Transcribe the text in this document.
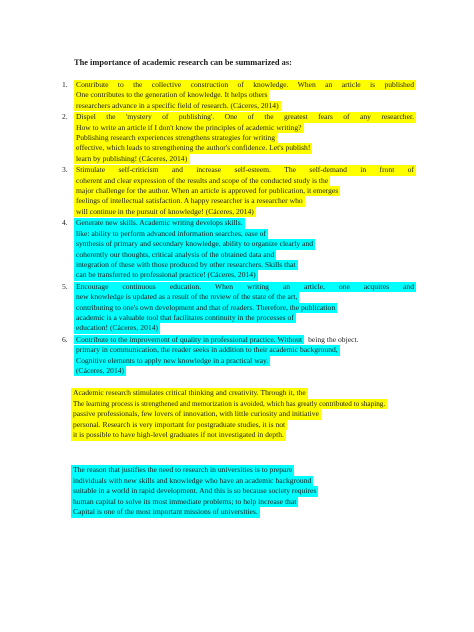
The importance of academic research can be summarized as:
1. Contribute to the collective construction of knowledge. When an article is published
One contributes to the generation of knowledge. It helps others
researchers advance in a specific field of research. (Cáceres, 2014)
2. Dispel the 'mystery of publishing'. One of the greatest fears of any researcher.
How to write an article if I don't know the principles of academic writing?
Publishing research experiences strengthens strategies for writing
effective, which leads to strengthening the author's confidence. Let's publish!
learn by publishing! (Cáceres, 2014)
3. Stimulate self-criticism and increase self-esteem. The self-demand in front of
coherent and clear expression of the results and scope of the conducted study is the
major challenge for the author. When an article is approved for publication, it emerges
feelings of intellectual satisfaction. A happy researcher is a researcher who
will continue in the pursuit of knowledge! (Cáceres, 2014)
4. Generate new skills. Academic writing develops skills.
like: ability to perform advanced information searches, ease of
synthesis of primary and secondary knowledge, ability to organize clearly and
coherently our thoughts, critical analysis of the obtained data and
integration of these with those produced by other researchers. Skills that
can be transferred to professional practice! (Cáceres, 2014)
5. Encourage continuous education. When writing an article, one acquires and
new knowledge is updated as a result of the review of the state of the art,
contributing to one's own development and that of readers. Therefore, the publication
academic is a valuable tool that facilitates continuity in the processes of
education! (Cáceres, 2014)
6. Contribute to the improvement of quality in professional practice. Without being the object.
primary in communication, the reader seeks in addition to their academic background,
Cognitive elements to apply new knowledge in a practical way.
(Cáceres, 2014)
Academic research stimulates critical thinking and creativity. Through it, the
The learning process is strengthened and memorization is avoided, which has greatly contributed to shaping.
passive professionals, few lovers of innovation, with little curiosity and initiative
personal. Research is very important for postgraduate studies, it is not
it is possible to have high-level graduates if not investigated in depth.
The reason that justifies the need to research in universities is to prepare
individuals with new skills and knowledge who have an academic background
suitable in a world in rapid development. And this is so because society requires
human capital to solve its most immediate problems; to help increase that
Capital is one of the most important missions of universities.
